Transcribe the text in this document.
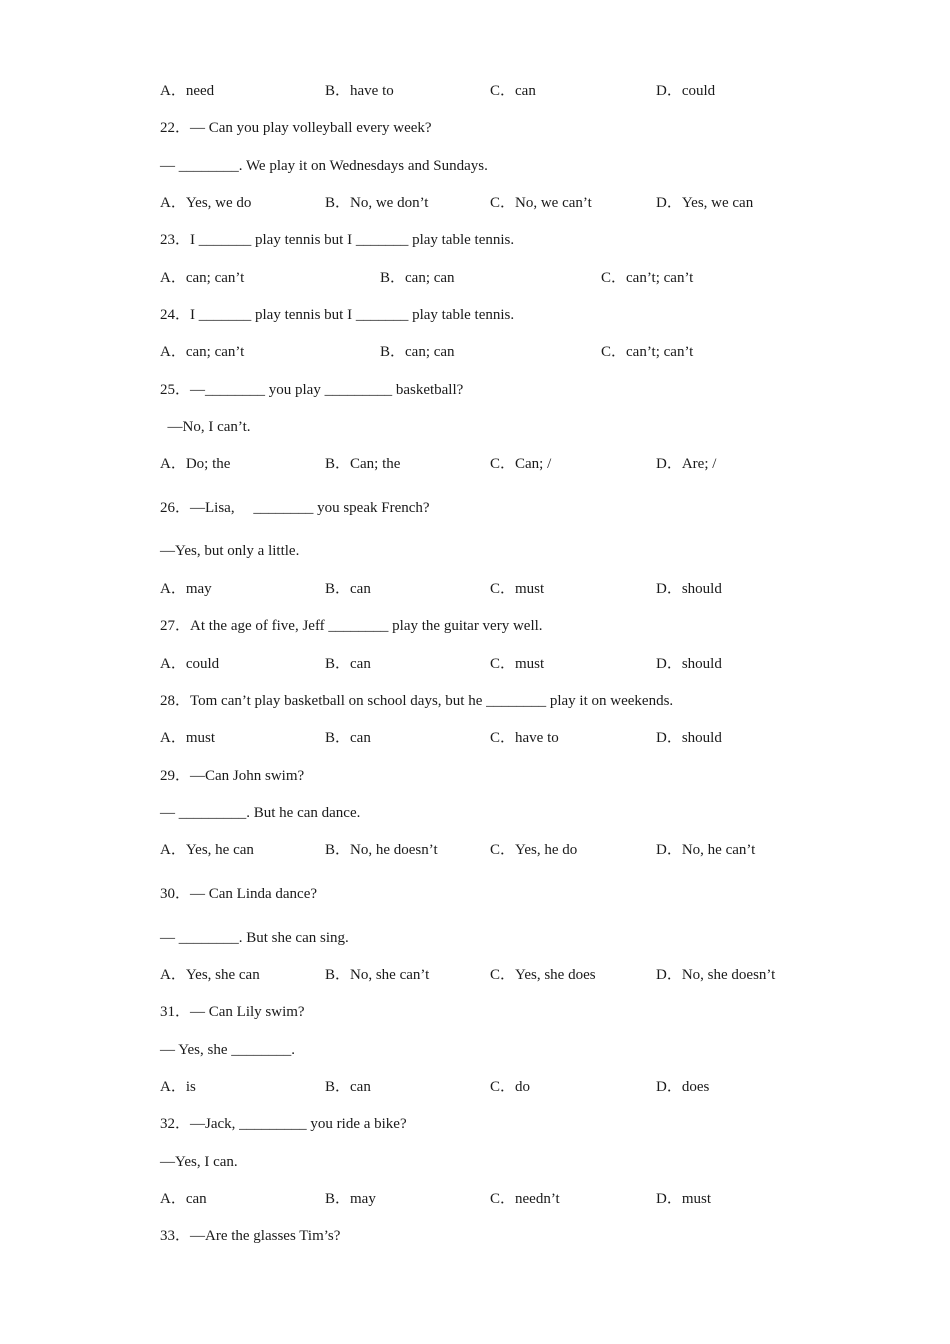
A．need	B．have to	C．can	D．could
22．— Can you play volleyball every week?
— ________. We play it on Wednesdays and Sundays.
A．Yes, we do	B．No, we don’t	C．No, we can’t	D．Yes, we can
23．I _______ play tennis but I _______ play table tennis.
A．can; can’t	B．can; can	C．can’t; can’t
24．I _______ play tennis but I _______ play table tennis.
A．can; can’t	B．can; can	C．can’t; can’t
25．—________ you play _________ basketball?
—No, I can’t.
A．Do; the	B．Can; the	C．Can; /	D．Are; /
26．—Lisa,     ________ you speak French?
—Yes, but only a little.
A．may	B．can	C．must	D．should
27．At the age of five, Jeff ________ play the guitar very well.
A．could	B．can	C．must	D．should
28．Tom can’t play basketball on school days, but he ________ play it on weekends.
A．must	B．can	C．have to	D．should
29．—Can John swim?
— _________. But he can dance.
A．Yes, he can	B．No, he doesn’t	C．Yes, he do	D．No, he can’t
30．— Can Linda dance?
— ________. But she can sing.
A．Yes, she can	B．No, she can’t	C．Yes, she does	D．No, she doesn’t
31．— Can Lily swim?
— Yes, she ________.
A．is	B．can	C．do	D．does
32．—Jack, _________ you ride a bike?
—Yes, I can.
A．can	B．may	C．needn’t	D．must
33．—Are the glasses Tim’s?
